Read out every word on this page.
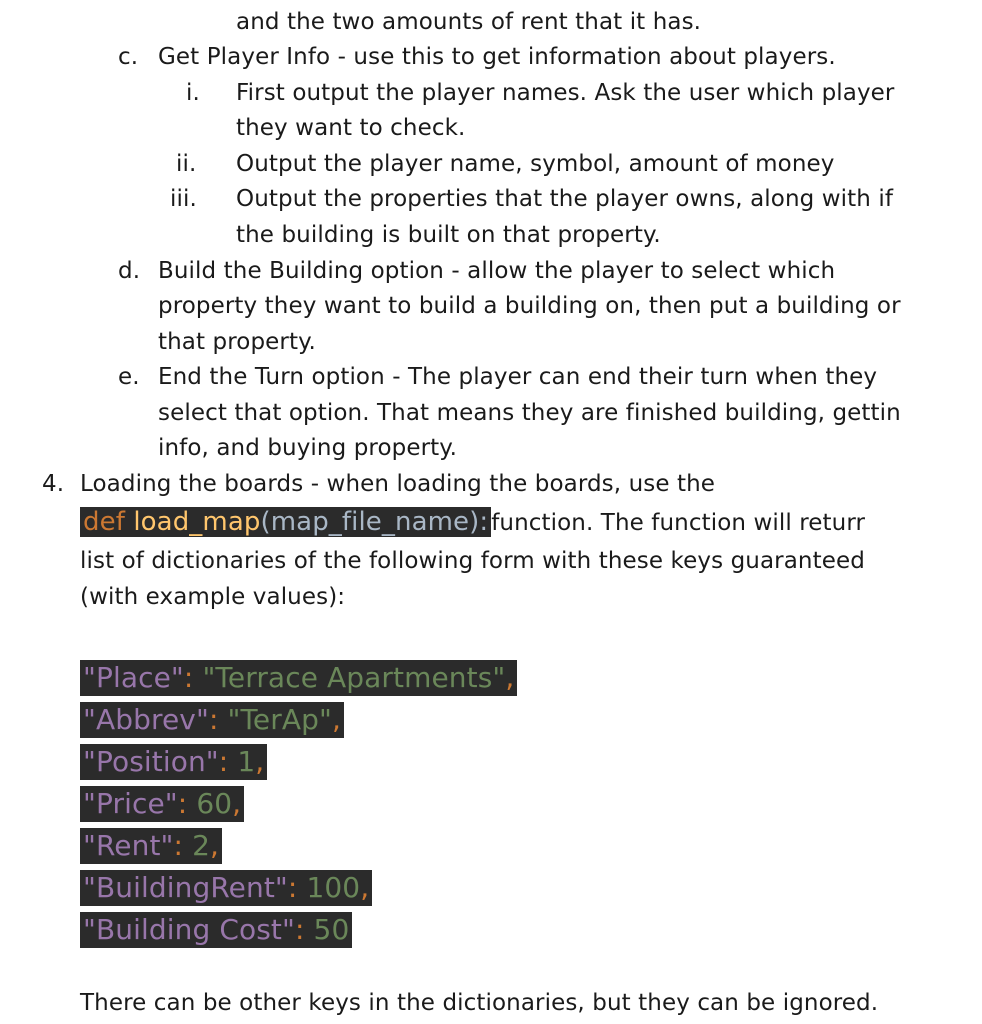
and the two amounts of rent that it has.
c. Get Player Info - use this to get information about players.
i. First output the player names. Ask the user which player
they want to check.
ii. Output the player name, symbol, amount of money
iii. Output the properties that the player owns, along with if
the building is built on that property.
d. Build the Building option - allow the player to select which
property they want to build a building on, then put a building or
that property.
e. End the Turn option - The player can end their turn when they
select that option. That means they are finished building, gettin
info, and buying property.
4. Loading the boards - when loading the boards, use the
def load_map(map_file_name): function. The function will returr
list of dictionaries of the following form with these keys guaranteed
(with example values):
"Place": "Terrace Apartments",
"Abbrev": "TerAp",
"Position": 1,
"Price": 60,
"Rent": 2,
"BuildingRent": 100,
"Building Cost": 50
There can be other keys in the dictionaries, but they can be ignored.
